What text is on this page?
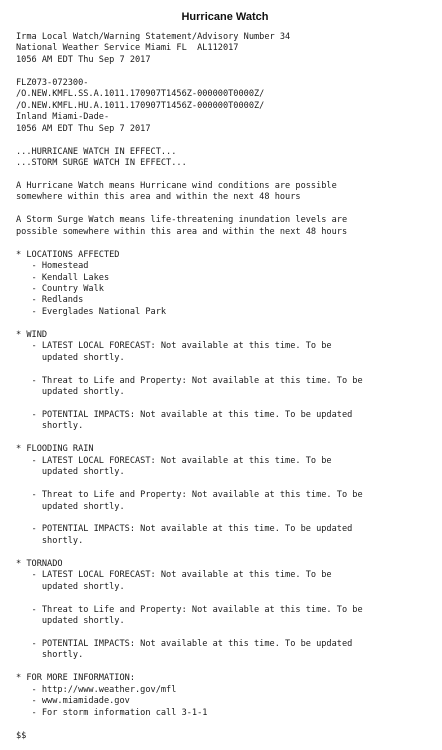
Hurricane Watch
Irma Local Watch/Warning Statement/Advisory Number 34
National Weather Service Miami FL  AL112017
1056 AM EDT Thu Sep 7 2017

FLZ073-072300-
/O.NEW.KMFL.SS.A.1011.170907T1456Z-000000T0000Z/
/O.NEW.KMFL.HU.A.1011.170907T1456Z-000000T0000Z/
Inland Miami-Dade-
1056 AM EDT Thu Sep 7 2017

...HURRICANE WATCH IN EFFECT...
...STORM SURGE WATCH IN EFFECT...

A Hurricane Watch means Hurricane wind conditions are possible
somewhere within this area and within the next 48 hours

A Storm Surge Watch means life-threatening inundation levels are
possible somewhere within this area and within the next 48 hours

* LOCATIONS AFFECTED
- Homestead
- Kendall Lakes
- Country Walk
- Redlands
- Everglades National Park

* WIND
- LATEST LOCAL FORECAST: Not available at this time. To be
updated shortly.

- Threat to Life and Property: Not available at this time. To be
updated shortly.

- POTENTIAL IMPACTS: Not available at this time. To be updated
shortly.

* FLOODING RAIN
- LATEST LOCAL FORECAST: Not available at this time. To be
updated shortly.

- Threat to Life and Property: Not available at this time. To be
updated shortly.

- POTENTIAL IMPACTS: Not available at this time. To be updated
shortly.

* TORNADO
- LATEST LOCAL FORECAST: Not available at this time. To be
updated shortly.

- Threat to Life and Property: Not available at this time. To be
updated shortly.

- POTENTIAL IMPACTS: Not available at this time. To be updated
shortly.

* FOR MORE INFORMATION:
- http://www.weather.gov/mfl
- www.miamidade.gov
- For storm information call 3-1-1

$$
